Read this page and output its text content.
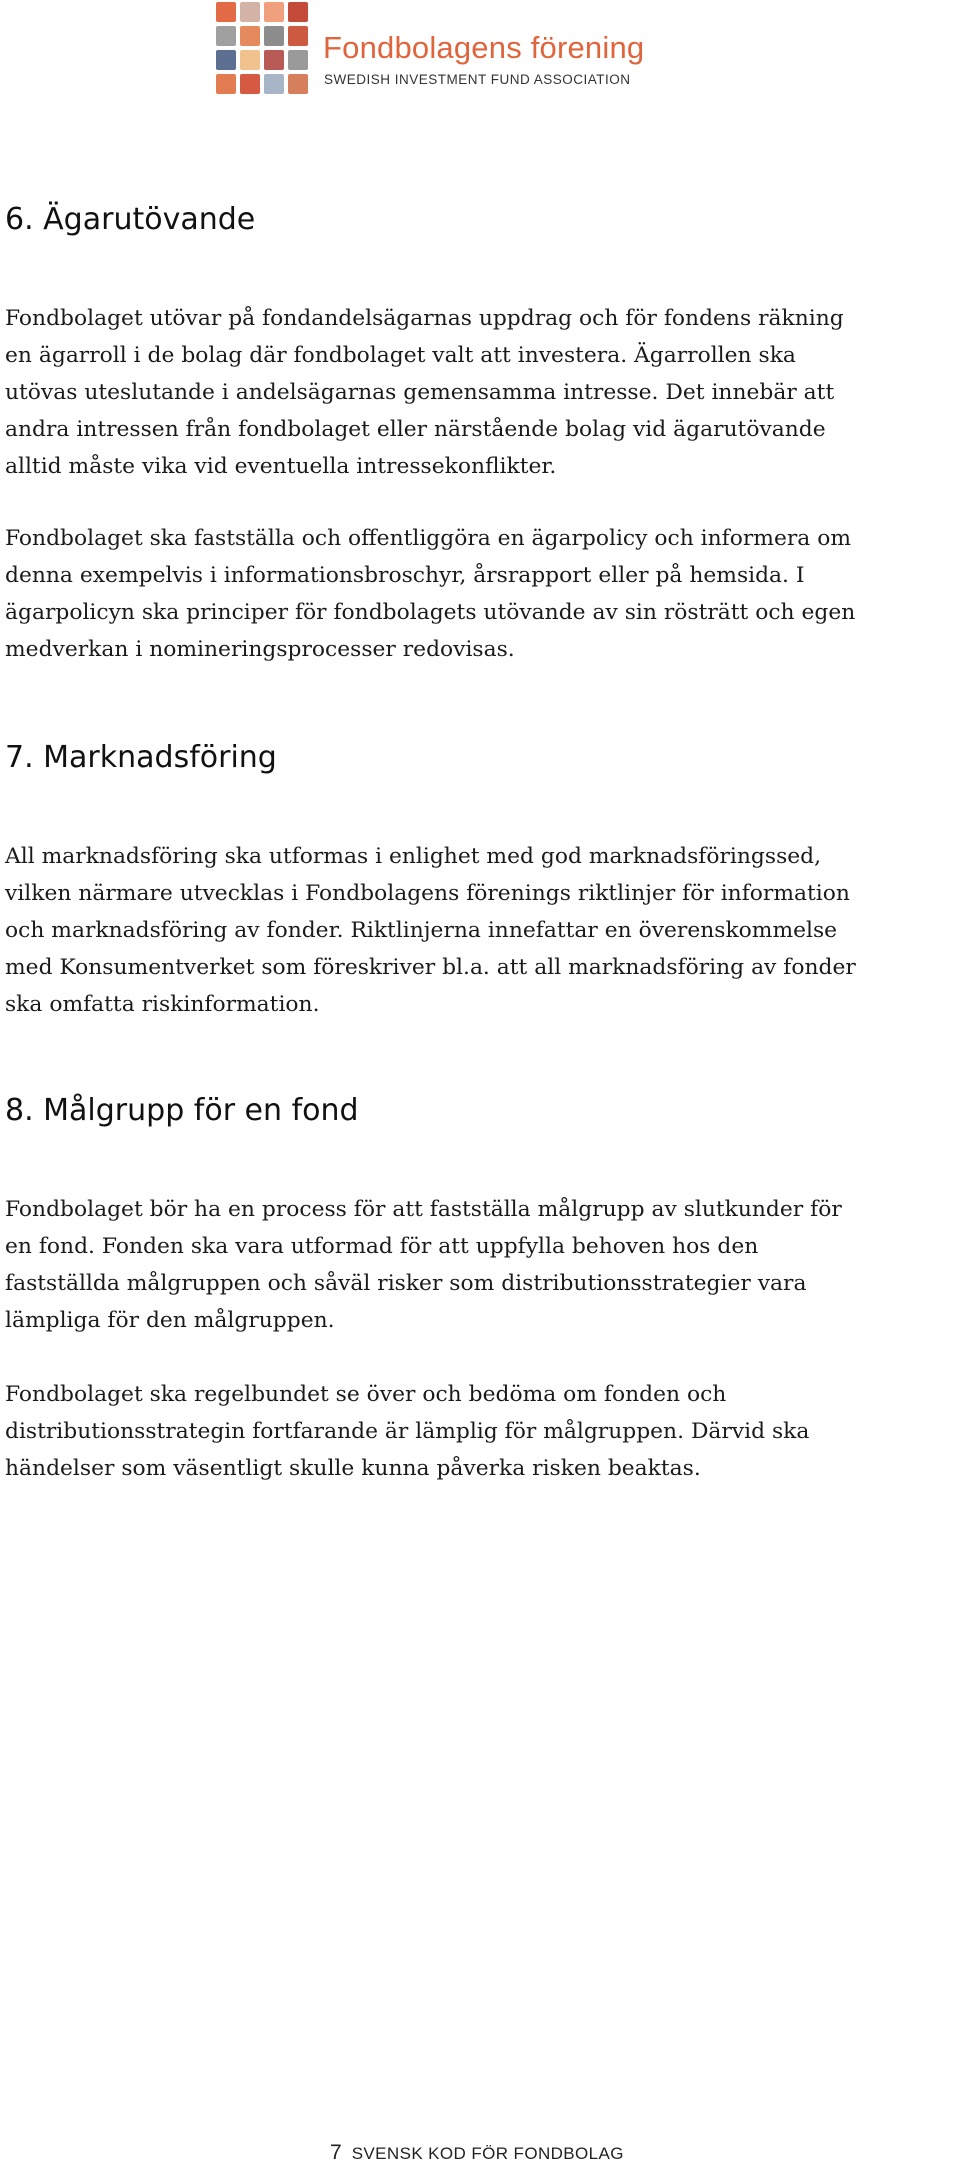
Fondbolagens förening
SWEDISH INVESTMENT FUND ASSOCIATION
6. Ägarutövande

Fondbolaget utövar på fondandelsägarnas uppdrag och för fondens räkning
en ägarroll i de bolag där fondbolaget valt att investera. Ägarrollen ska
utövas uteslutande i andelsägarnas gemensamma intresse. Det innebär att
andra intressen från fondbolaget eller närstående bolag vid ägarutövande
alltid måste vika vid eventuella intressekonflikter.

Fondbolaget ska fastställa och offentliggöra en ägarpolicy och informera om
denna exempelvis i informationsbroschyr, årsrapport eller på hemsida. I
ägarpolicyn ska principer för fondbolagets utövande av sin rösträtt och egen
medverkan i nomineringsprocesser redovisas.

7. Marknadsföring

All marknadsföring ska utformas i enlighet med god marknadsföringssed,
vilken närmare utvecklas i Fondbolagens förenings riktlinjer för information
och marknadsföring av fonder. Riktlinjerna innefattar en överenskommelse
med Konsumentverket som föreskriver bl.a. att all marknadsföring av fonder
ska omfatta riskinformation.

8. Målgrupp för en fond

Fondbolaget bör ha en process för att fastställa målgrupp av slutkunder för
en fond. Fonden ska vara utformad för att uppfylla behoven hos den
fastställda målgruppen och såväl risker som distributionsstrategier vara
lämpliga för den målgruppen.

Fondbolaget ska regelbundet se över och bedöma om fonden och
distributionsstrategin fortfarande är lämplig för målgruppen. Därvid ska
händelser som väsentligt skulle kunna påverka risken beaktas.

7 SVENSK KOD FÖR FONDBOLAG
